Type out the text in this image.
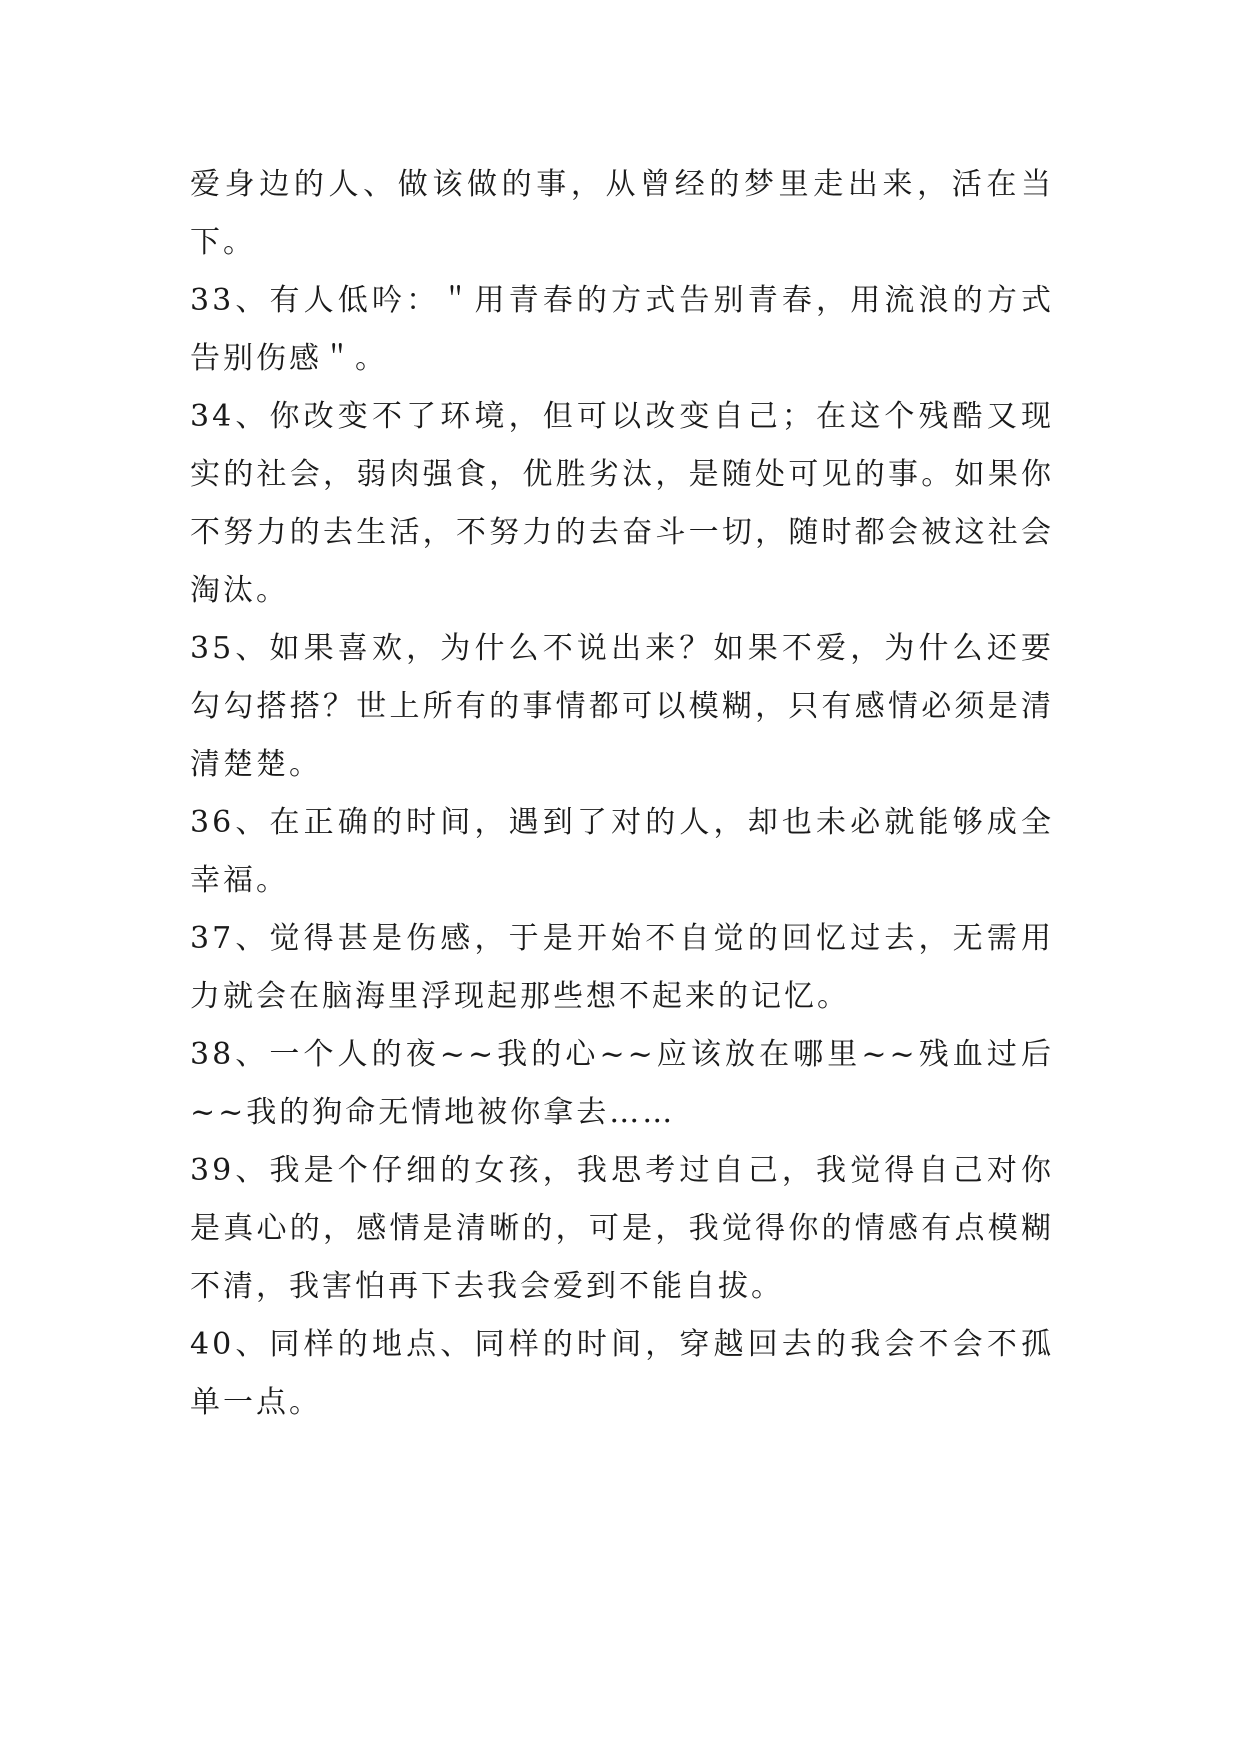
爱身边的人、做该做的事，从曾经的梦里走出来，活在当下。

33、有人低吟：＂用青春的方式告别青春，用流浪的方式告别伤感＂。

34、你改变不了环境，但可以改变自己；在这个残酷又现实的社会，弱肉强食，优胜劣汰，是随处可见的事。如果你不努力的去生活，不努力的去奋斗一切，随时都会被这社会淘汰。

35、如果喜欢，为什么不说出来？如果不爱，为什么还要勾勾搭搭？世上所有的事情都可以模糊，只有感情必须是清清楚楚。

36、在正确的时间，遇到了对的人，却也未必就能够成全幸福。

37、觉得甚是伤感，于是开始不自觉的回忆过去，无需用力就会在脑海里浮现起那些想不起来的记忆。

38、一个人的夜~~我的心~~应该放在哪里~~残血过后~~我的狗命无情地被你拿去……

39、我是个仔细的女孩，我思考过自己，我觉得自己对你是真心的，感情是清晰的，可是，我觉得你的情感有点模糊不清，我害怕再下去我会爱到不能自拔。

40、同样的地点、同样的时间，穿越回去的我会不会不孤单一点。
